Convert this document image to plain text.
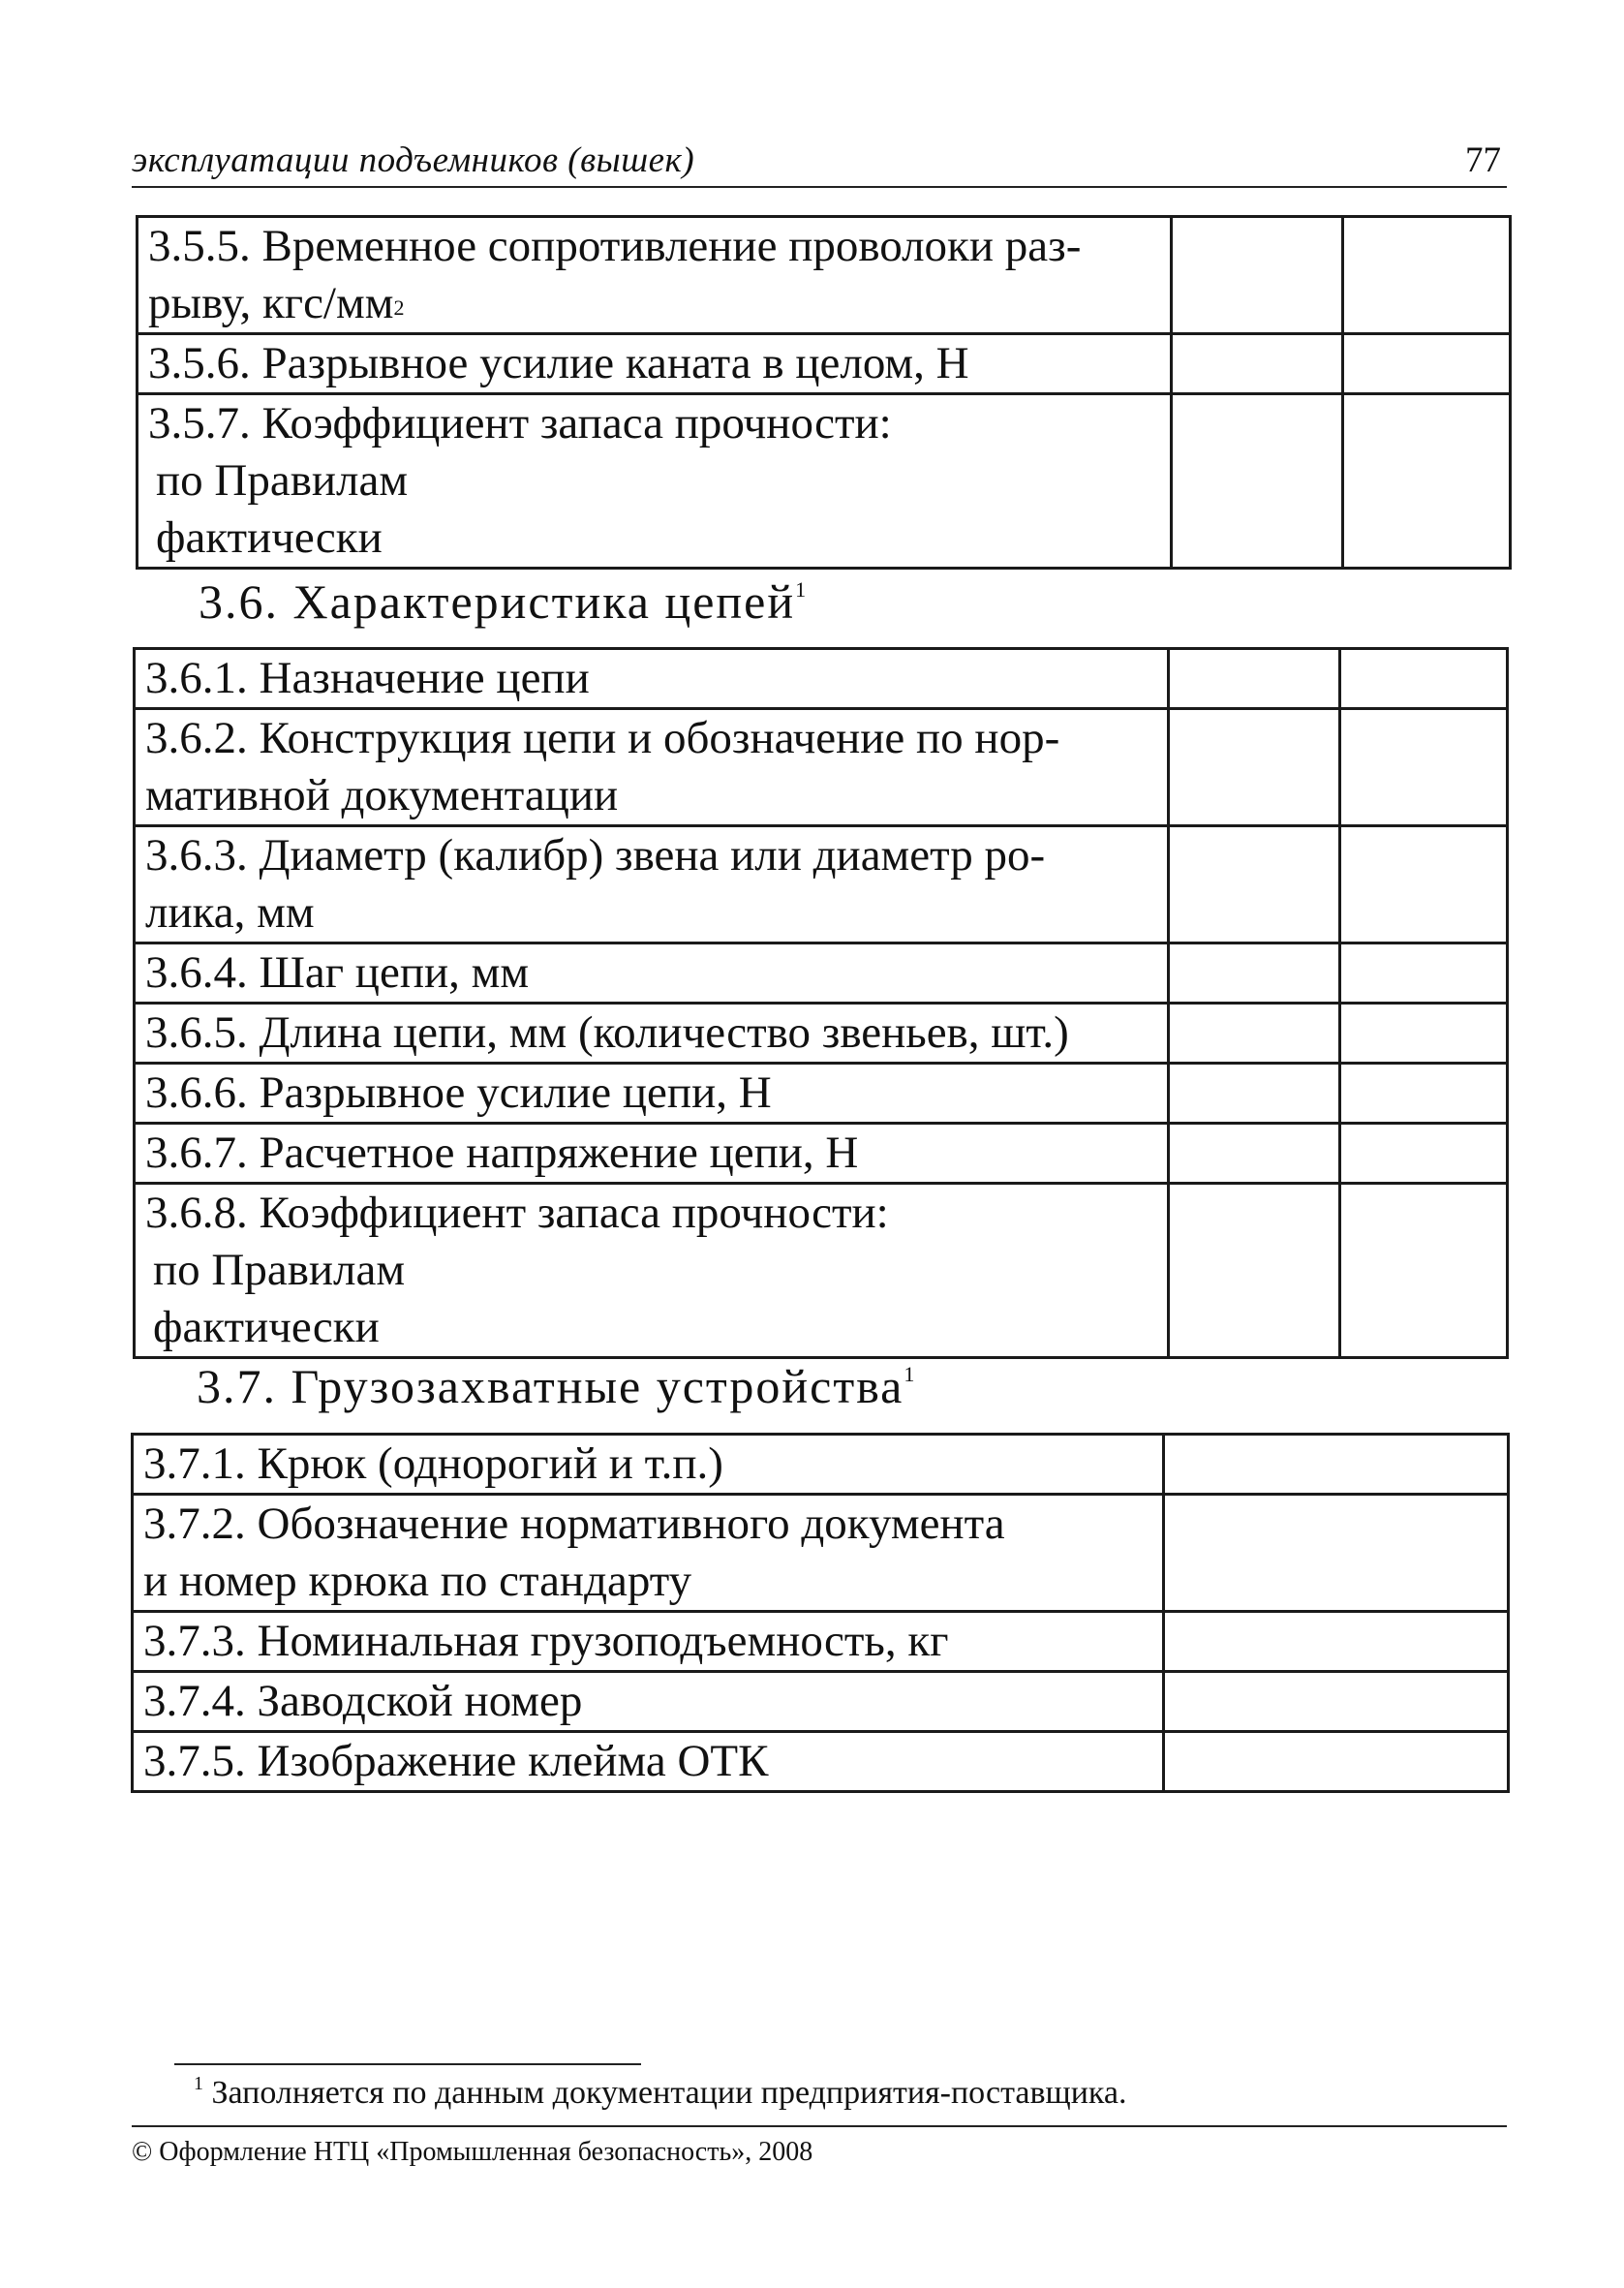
эксплуатации подъемников (вышек)	77
3.5.5. Временное сопротивление проволоки раз-
рыву, кгс/$мм^2$

3.5.6. Разрывное усилие каната в целом, Н		

3.5.7. Коэффициент запаса прочности:
по Правилам
фактически		

3.6. Характеристика цепей$^1$
3.6.1. Назначение цепи		

3.6.2. Конструкция цепи и обозначение по нор-
мативной документации		

3.6.3. Диаметр (калибр) звена или диаметр ро-
лика, мм		

3.6.4. Шаг цепи, мм		

3.6.5. Длина цепи, мм (количество звеньев, шт.)		

3.6.6. Разрывное усилие цепи, Н		

3.6.7. Расчетное напряжение цепи, Н		

3.6.8. Коэффициент запаса прочности:
по Правилам
фактически		

3.7. Грузозахватные устройства$^1$
3.7.1. Крюк (однорогий и т.п.)	

3.7.2. Обозначение нормативного документа
и номер крюка по стандарту	

3.7.3. Номинальная грузоподъемность, кг	

3.7.4. Заводской номер	

3.7.5. Изображение клейма ОТК	

$^1$ Заполняется по данным документации предприятия-поставщика.
© Оформление НТЦ «Промышленная безопасность», 2008
